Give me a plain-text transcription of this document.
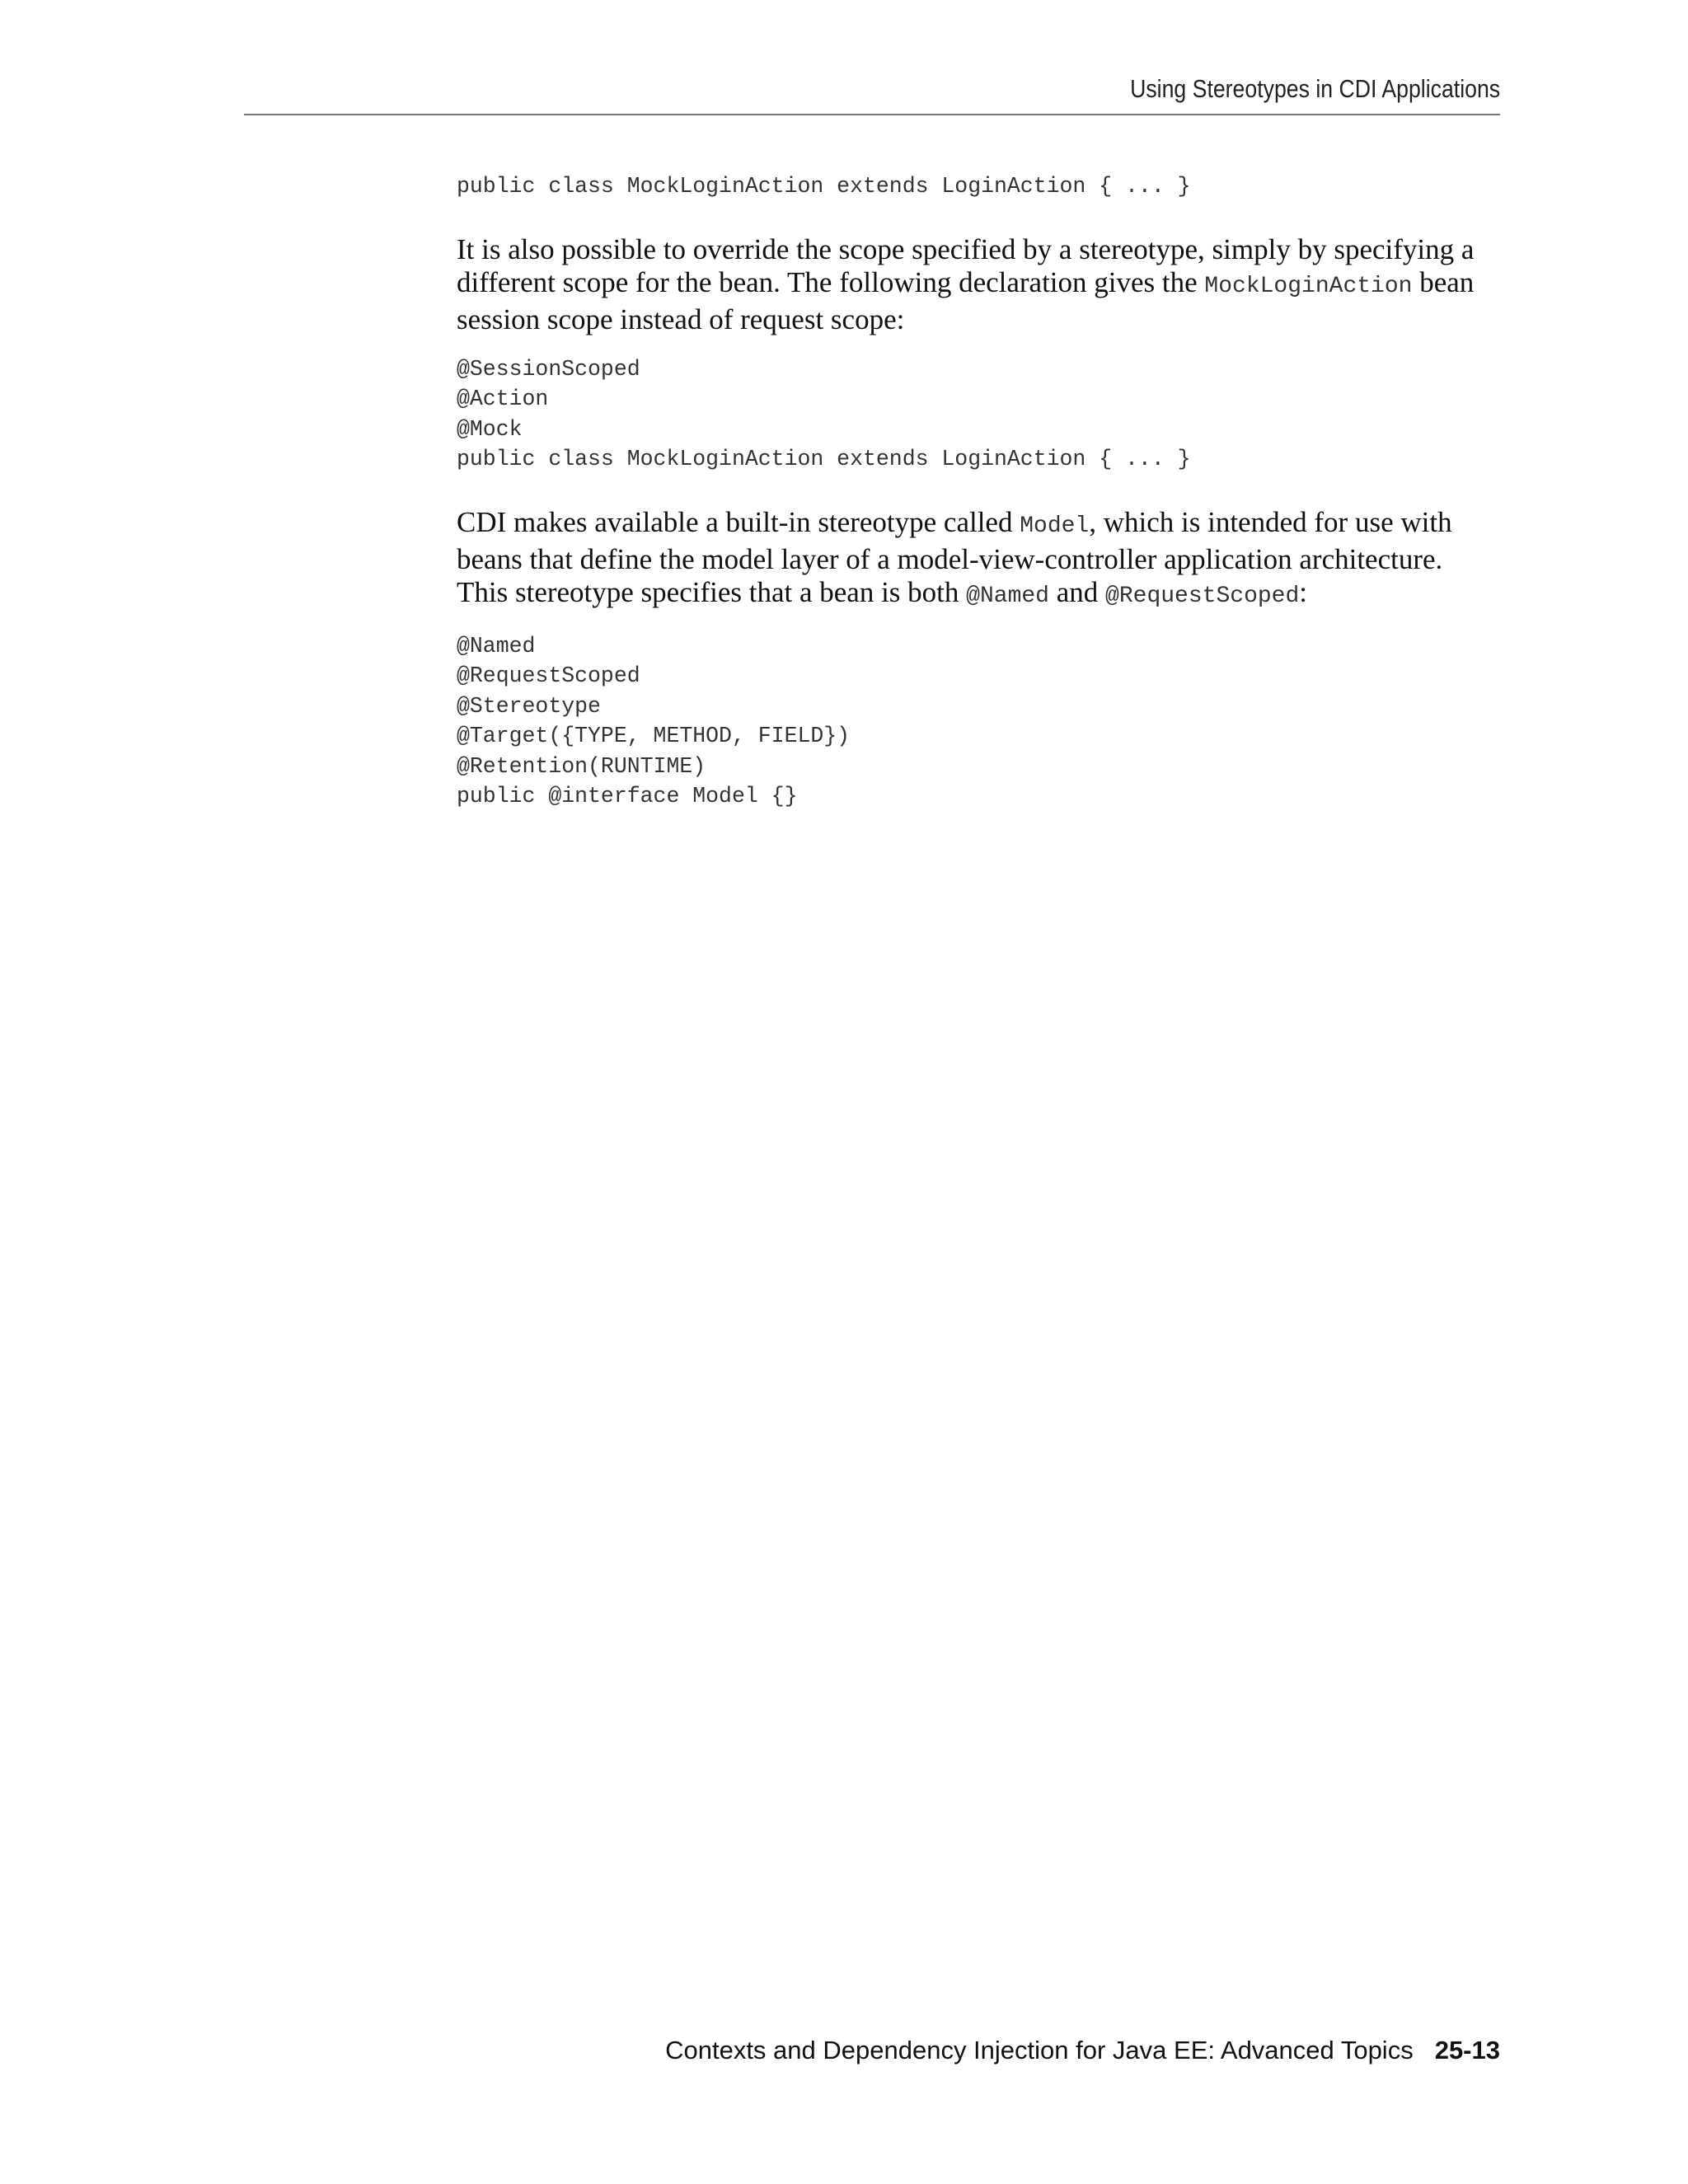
Using Stereotypes in CDI Applications
public class MockLoginAction extends LoginAction { ... }

It is also possible to override the scope specified by a stereotype, simply by specifying a different scope for the bean. The following declaration gives the MockLoginAction bean session scope instead of request scope:

@SessionScoped
@Action
@Mock
public class MockLoginAction extends LoginAction { ... }

CDI makes available a built-in stereotype called Model, which is intended for use with beans that define the model layer of a model-view-controller application architecture. This stereotype specifies that a bean is both @Named and @RequestScoped:

@Named
@RequestScoped
@Stereotype
@Target({TYPE, METHOD, FIELD})
@Retention(RUNTIME)
public @interface Model {}
Contexts and Dependency Injection for Java EE: Advanced Topics 25-13
